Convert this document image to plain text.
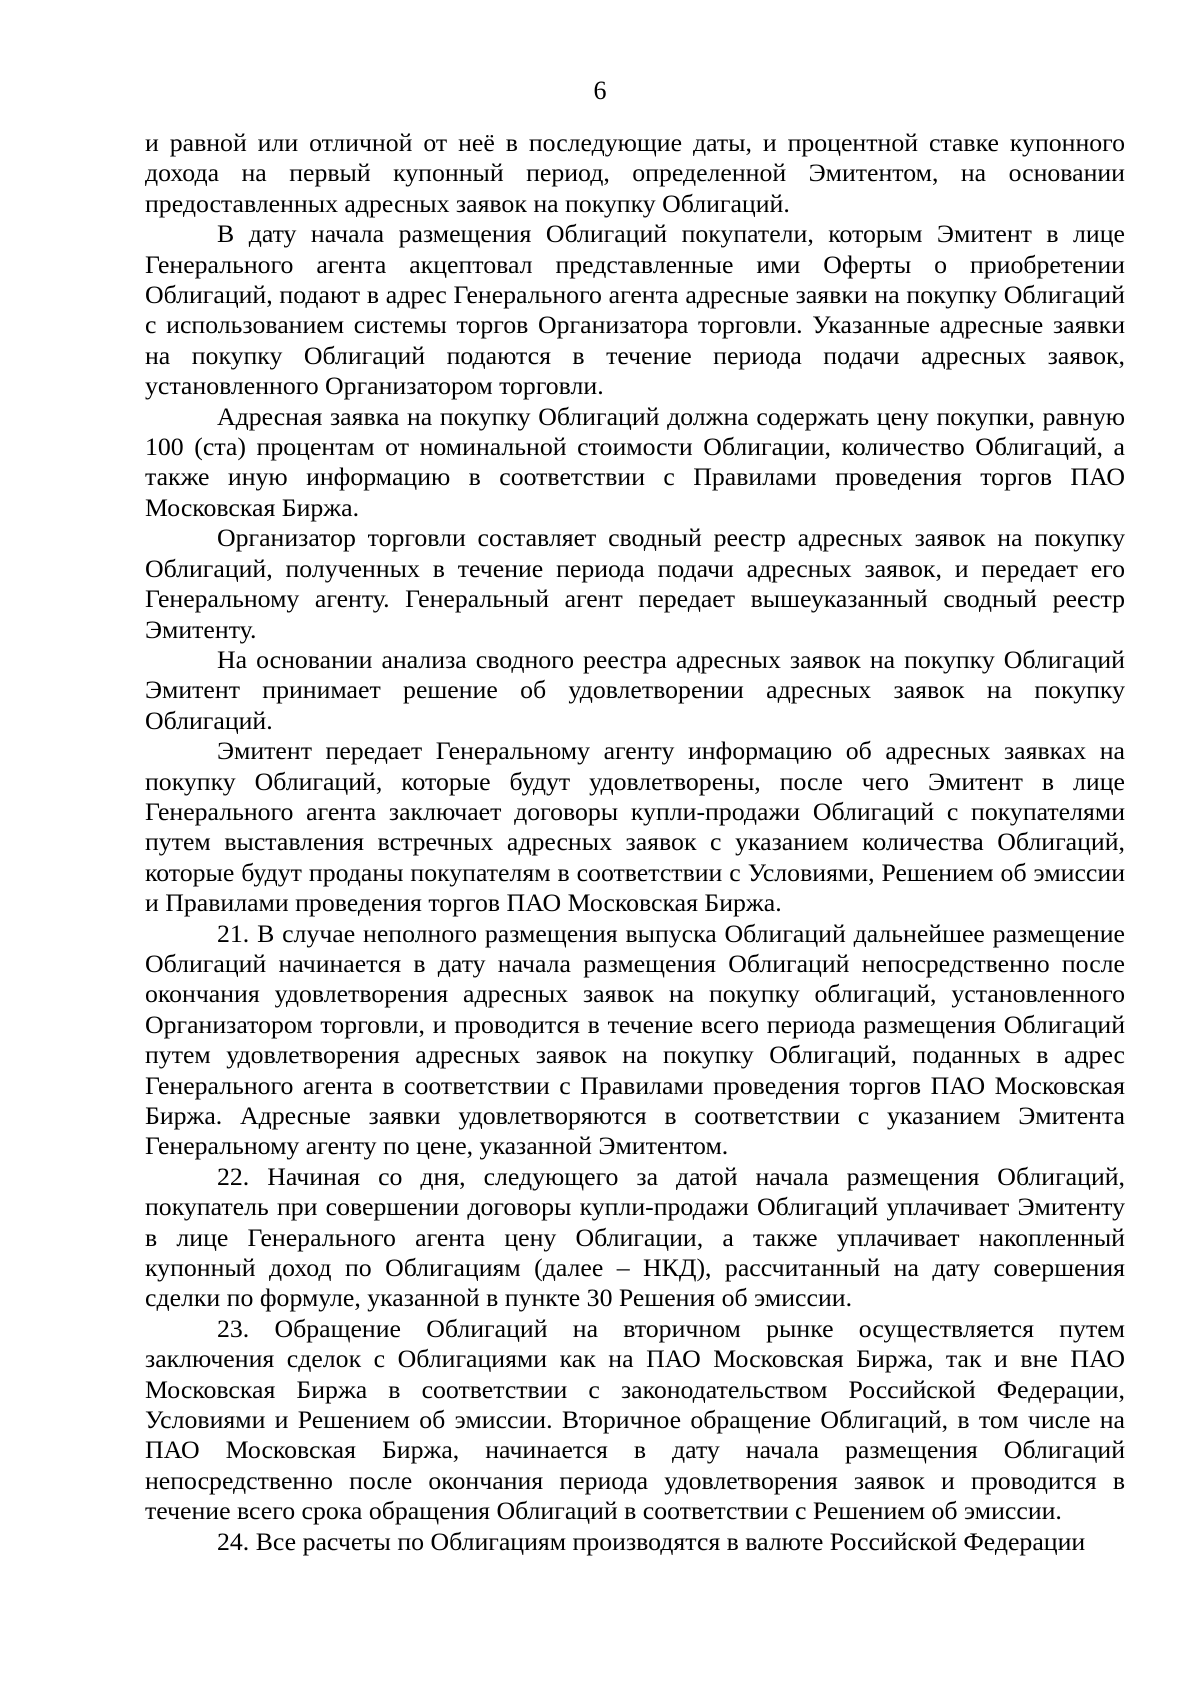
6

и равной или отличной от неё в последующие даты, и процентной ставке купонного дохода на первый купонный период, определенной Эмитентом, на основании предоставленных адресных заявок на покупку Облигаций.

В дату начала размещения Облигаций покупатели, которым Эмитент в лице Генерального агента акцептовал представленные ими Оферты о приобретении Облигаций, подают в адрес Генерального агента адресные заявки на покупку Облигаций с использованием системы торгов Организатора торговли. Указанные адресные заявки на покупку Облигаций подаются в течение периода подачи адресных заявок, установленного Организатором торговли.

Адресная заявка на покупку Облигаций должна содержать цену покупки, равную 100 (ста) процентам от номинальной стоимости Облигации, количество Облигаций, а также иную информацию в соответствии с Правилами проведения торгов ПАО Московская Биржа.

Организатор торговли составляет сводный реестр адресных заявок на покупку Облигаций, полученных в течение периода подачи адресных заявок, и передает его Генеральному агенту. Генеральный агент передает вышеуказанный сводный реестр Эмитенту.

На основании анализа сводного реестра адресных заявок на покупку Облигаций Эмитент принимает решение об удовлетворении адресных заявок на покупку Облигаций.

Эмитент передает Генеральному агенту информацию об адресных заявках на покупку Облигаций, которые будут удовлетворены, после чего Эмитент в лице Генерального агента заключает договоры купли-продажи Облигаций с покупателями путем выставления встречных адресных заявок с указанием количества Облигаций, которые будут проданы покупателям в соответствии с Условиями, Решением об эмиссии и Правилами проведения торгов ПАО Московская Биржа.

21. В случае неполного размещения выпуска Облигаций дальнейшее размещение Облигаций начинается в дату начала размещения Облигаций непосредственно после окончания удовлетворения адресных заявок на покупку облигаций, установленного Организатором торговли, и проводится в течение всего периода размещения Облигаций путем удовлетворения адресных заявок на покупку Облигаций, поданных в адрес Генерального агента в соответствии с Правилами проведения торгов ПАО Московская Биржа. Адресные заявки удовлетворяются в соответствии с указанием Эмитента Генеральному агенту по цене, указанной Эмитентом.

22. Начиная со дня, следующего за датой начала размещения Облигаций, покупатель при совершении договоры купли-продажи Облигаций уплачивает Эмитенту в лице Генерального агента цену Облигации, а также уплачивает накопленный купонный доход по Облигациям (далее – НКД), рассчитанный на дату совершения сделки по формуле, указанной в пункте 30 Решения об эмиссии.

23. Обращение Облигаций на вторичном рынке осуществляется путем заключения сделок с Облигациями как на ПАО Московская Биржа, так и вне ПАО Московская Биржа в соответствии с законодательством Российской Федерации, Условиями и Решением об эмиссии. Вторичное обращение Облигаций, в том числе на ПАО Московская Биржа, начинается в дату начала размещения Облигаций непосредственно после окончания периода удовлетворения заявок и проводится в течение всего срока обращения Облигаций в соответствии с Решением об эмиссии.

24. Все расчеты по Облигациям производятся в валюте Российской Федерации
